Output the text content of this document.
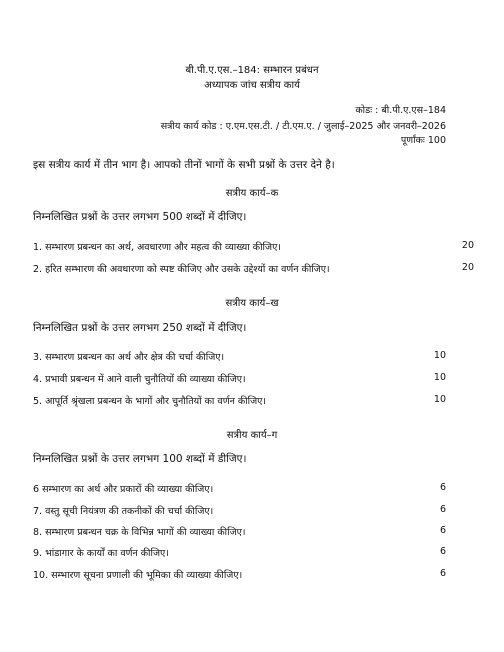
बी.पी.ए.एस.–184: सम्भारन प्रबंधन
अध्यापक जांच सत्रीय कार्य
कोडः : बी.पी.ए.एस–184
सत्रीय कार्य कोड : ए.एम.एस.टी. / टी.एम.ए. / जुलाई–2025 और जनवरी–2026
पूर्णांकः 100
इस सत्रीय कार्य में तीन भाग है। आपको तीनों भागों के सभी प्रश्नों के उत्तर देने है।
सत्रीय कार्य–क
निम्नलिखित प्रश्नों के उत्तर लगभग 500 शब्दों में दीजिए।
1. सम्भारण प्रबन्धन का अर्थ, अवधारणा और महत्व की व्याख्या कीजिए।	20
2. हरित सम्भारण की अवधारणा को स्पष्ट कीजिए और उसके उद्देश्यों का वर्णन कीजिए।	20
सत्रीय कार्य–ख
निम्नलिखित प्रश्नों के उत्तर लगभग 250 शब्दों में दीजिए।
3. सम्भारण प्रबन्धन का अर्थ और क्षेत्र की चर्चा कीजिए।	10
4. प्रभावी प्रबन्धन में आने वाली चुनौतियों की व्याख्या कीजिए।	10
5. आपूर्ति श्रृंखला प्रबन्धन के भागों और चुनौतियों का वर्णन कीजिए।	10
सत्रीय कार्य–ग
निम्नलिखित प्रश्नों के उत्तर लगभग 100 शब्दों में डीजिए।
6 सम्भारण का अर्थ और प्रकारों की व्याख्या कीजिए।	6
7. वस्तु सूची नियंत्रण की तकनीकों की चर्चा कीजिए।	6
8. सम्भारण प्रबन्धन चक्र के विभिन्न भागों की व्याख्या कीजिए।	6
9. भांडागार के कार्यों का वर्णन कीजिए।	6
10. सम्भारण सूचना प्रणाली की भूमिका की व्याख्या कीजिए।	6
